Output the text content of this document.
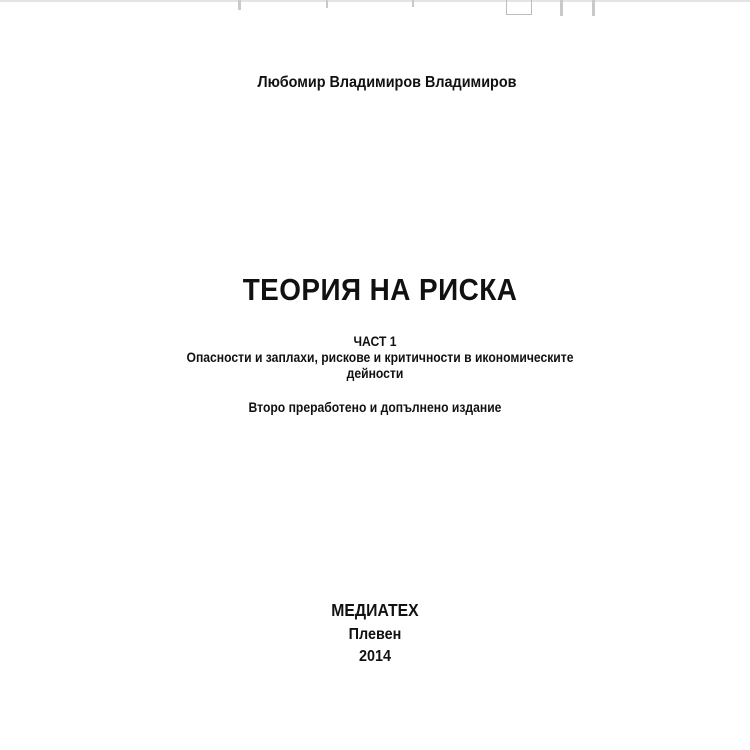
Любомир Владимиров Владимиров
ТЕОРИЯ НА РИСКА
ЧАСТ 1
Опасности и заплахи, рискове и критичности в икономическите
дейности
Второ преработено и допълнено издание
МЕДИАТЕХ
Плевен
2014
